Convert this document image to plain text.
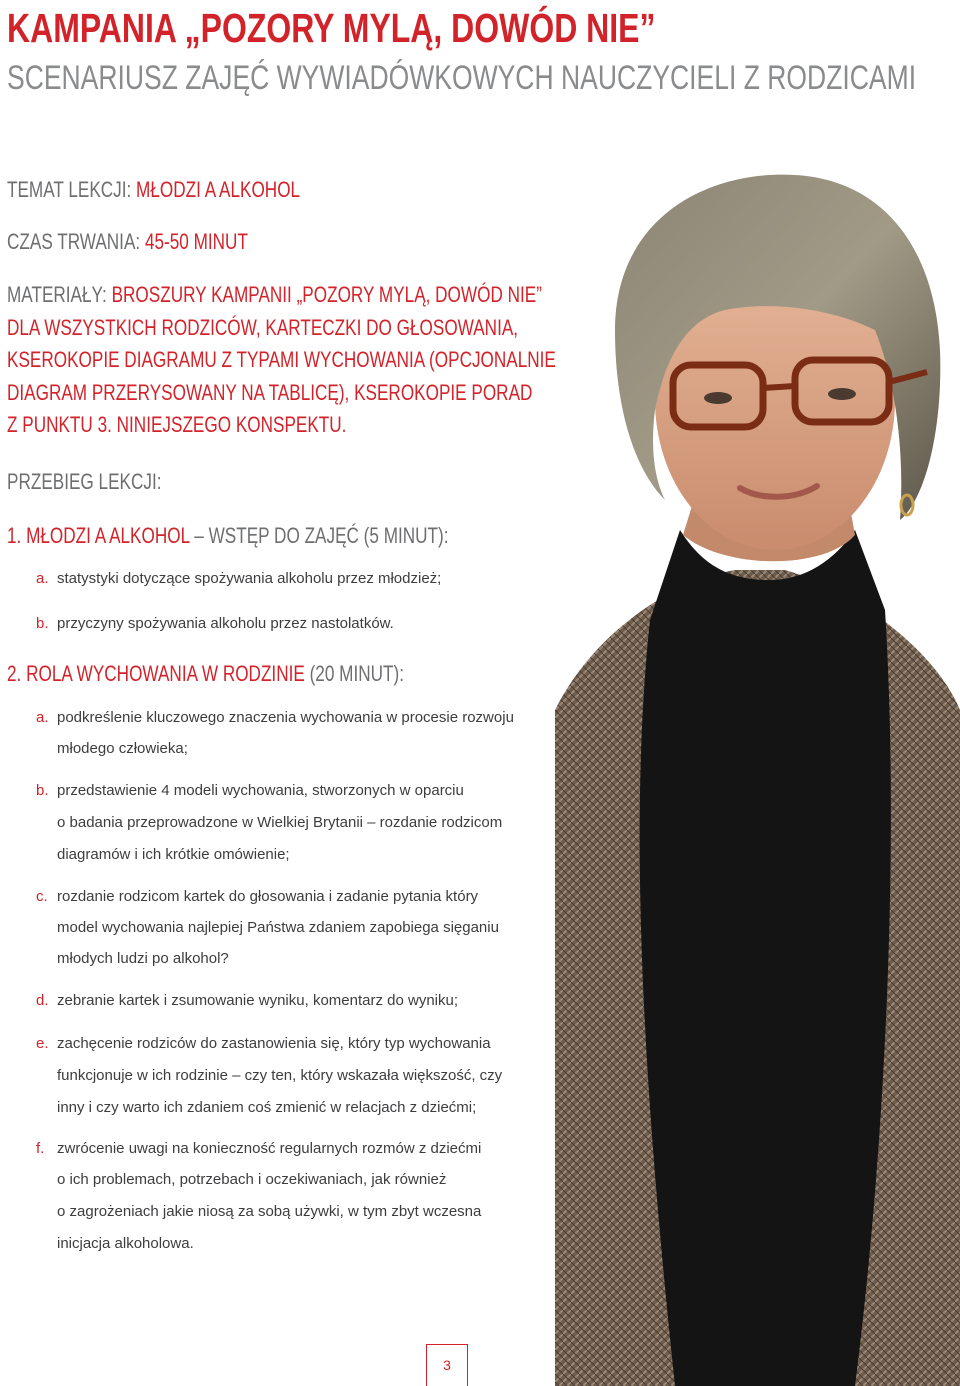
KAMPANIA „POZORY MYLĄ, DOWÓD NIE”
SCENARIUSZ ZAJĘĆ WYWIADÓWKOWYCH NAUCZYCIELI Z RODZICAMI
TEMAT LEKCJI: MŁODZI A ALKOHOL
CZAS TRWANIA: 45-50 MINUT
MATERIAŁY: BROSZURY KAMPANII „POZORY MYLĄ, DOWÓD NIE”
DLA WSZYSTKICH RODZICÓW, KARTECZKI DO GŁOSOWANIA,
KSEROKOPIE DIAGRAMU Z TYPAMI WYCHOWANIA (OPCJONALNIE
DIAGRAM PRZERYSOWANY NA TABLICĘ), KSEROKOPIE PORAD
Z PUNKTU 3. NINIEJSZEGO KONSPEKTU.
PRZEBIEG LEKCJI:
1. MŁODZI A ALKOHOL – WSTĘP DO ZAJĘĆ (5 MINUT):
a. statystyki dotyczące spożywania alkoholu przez młodzież;
b. przyczyny spożywania alkoholu przez nastolatków.
2. ROLA WYCHOWANIA W RODZINIE (20 MINUT):
a. podkreślenie kluczowego znaczenia wychowania w procesie rozwoju
młodego człowieka;
b. przedstawienie 4 modeli wychowania, stworzonych w oparciu
o badania przeprowadzone w Wielkiej Brytanii – rozdanie rodzicom
diagramów i ich krótkie omówienie;
c. rozdanie rodzicom kartek do głosowania i zadanie pytania który
model wychowania najlepiej Państwa zdaniem zapobiega sięganiu
młodych ludzi po alkohol?
d. zebranie kartek i zsumowanie wyniku, komentarz do wyniku;
e. zachęcenie rodziców do zastanowienia się, który typ wychowania
funkcjonuje w ich rodzinie – czy ten, który wskazała większość, czy
inny i czy warto ich zdaniem coś zmienić w relacjach z dziećmi;
f. zwrócenie uwagi na konieczność regularnych rozmów z dziećmi
o ich problemach, potrzebach i oczekiwaniach, jak również
o zagrożeniach jakie niosą za sobą używki, w tym zbyt wczesna
inicjacja alkoholowa.
3
